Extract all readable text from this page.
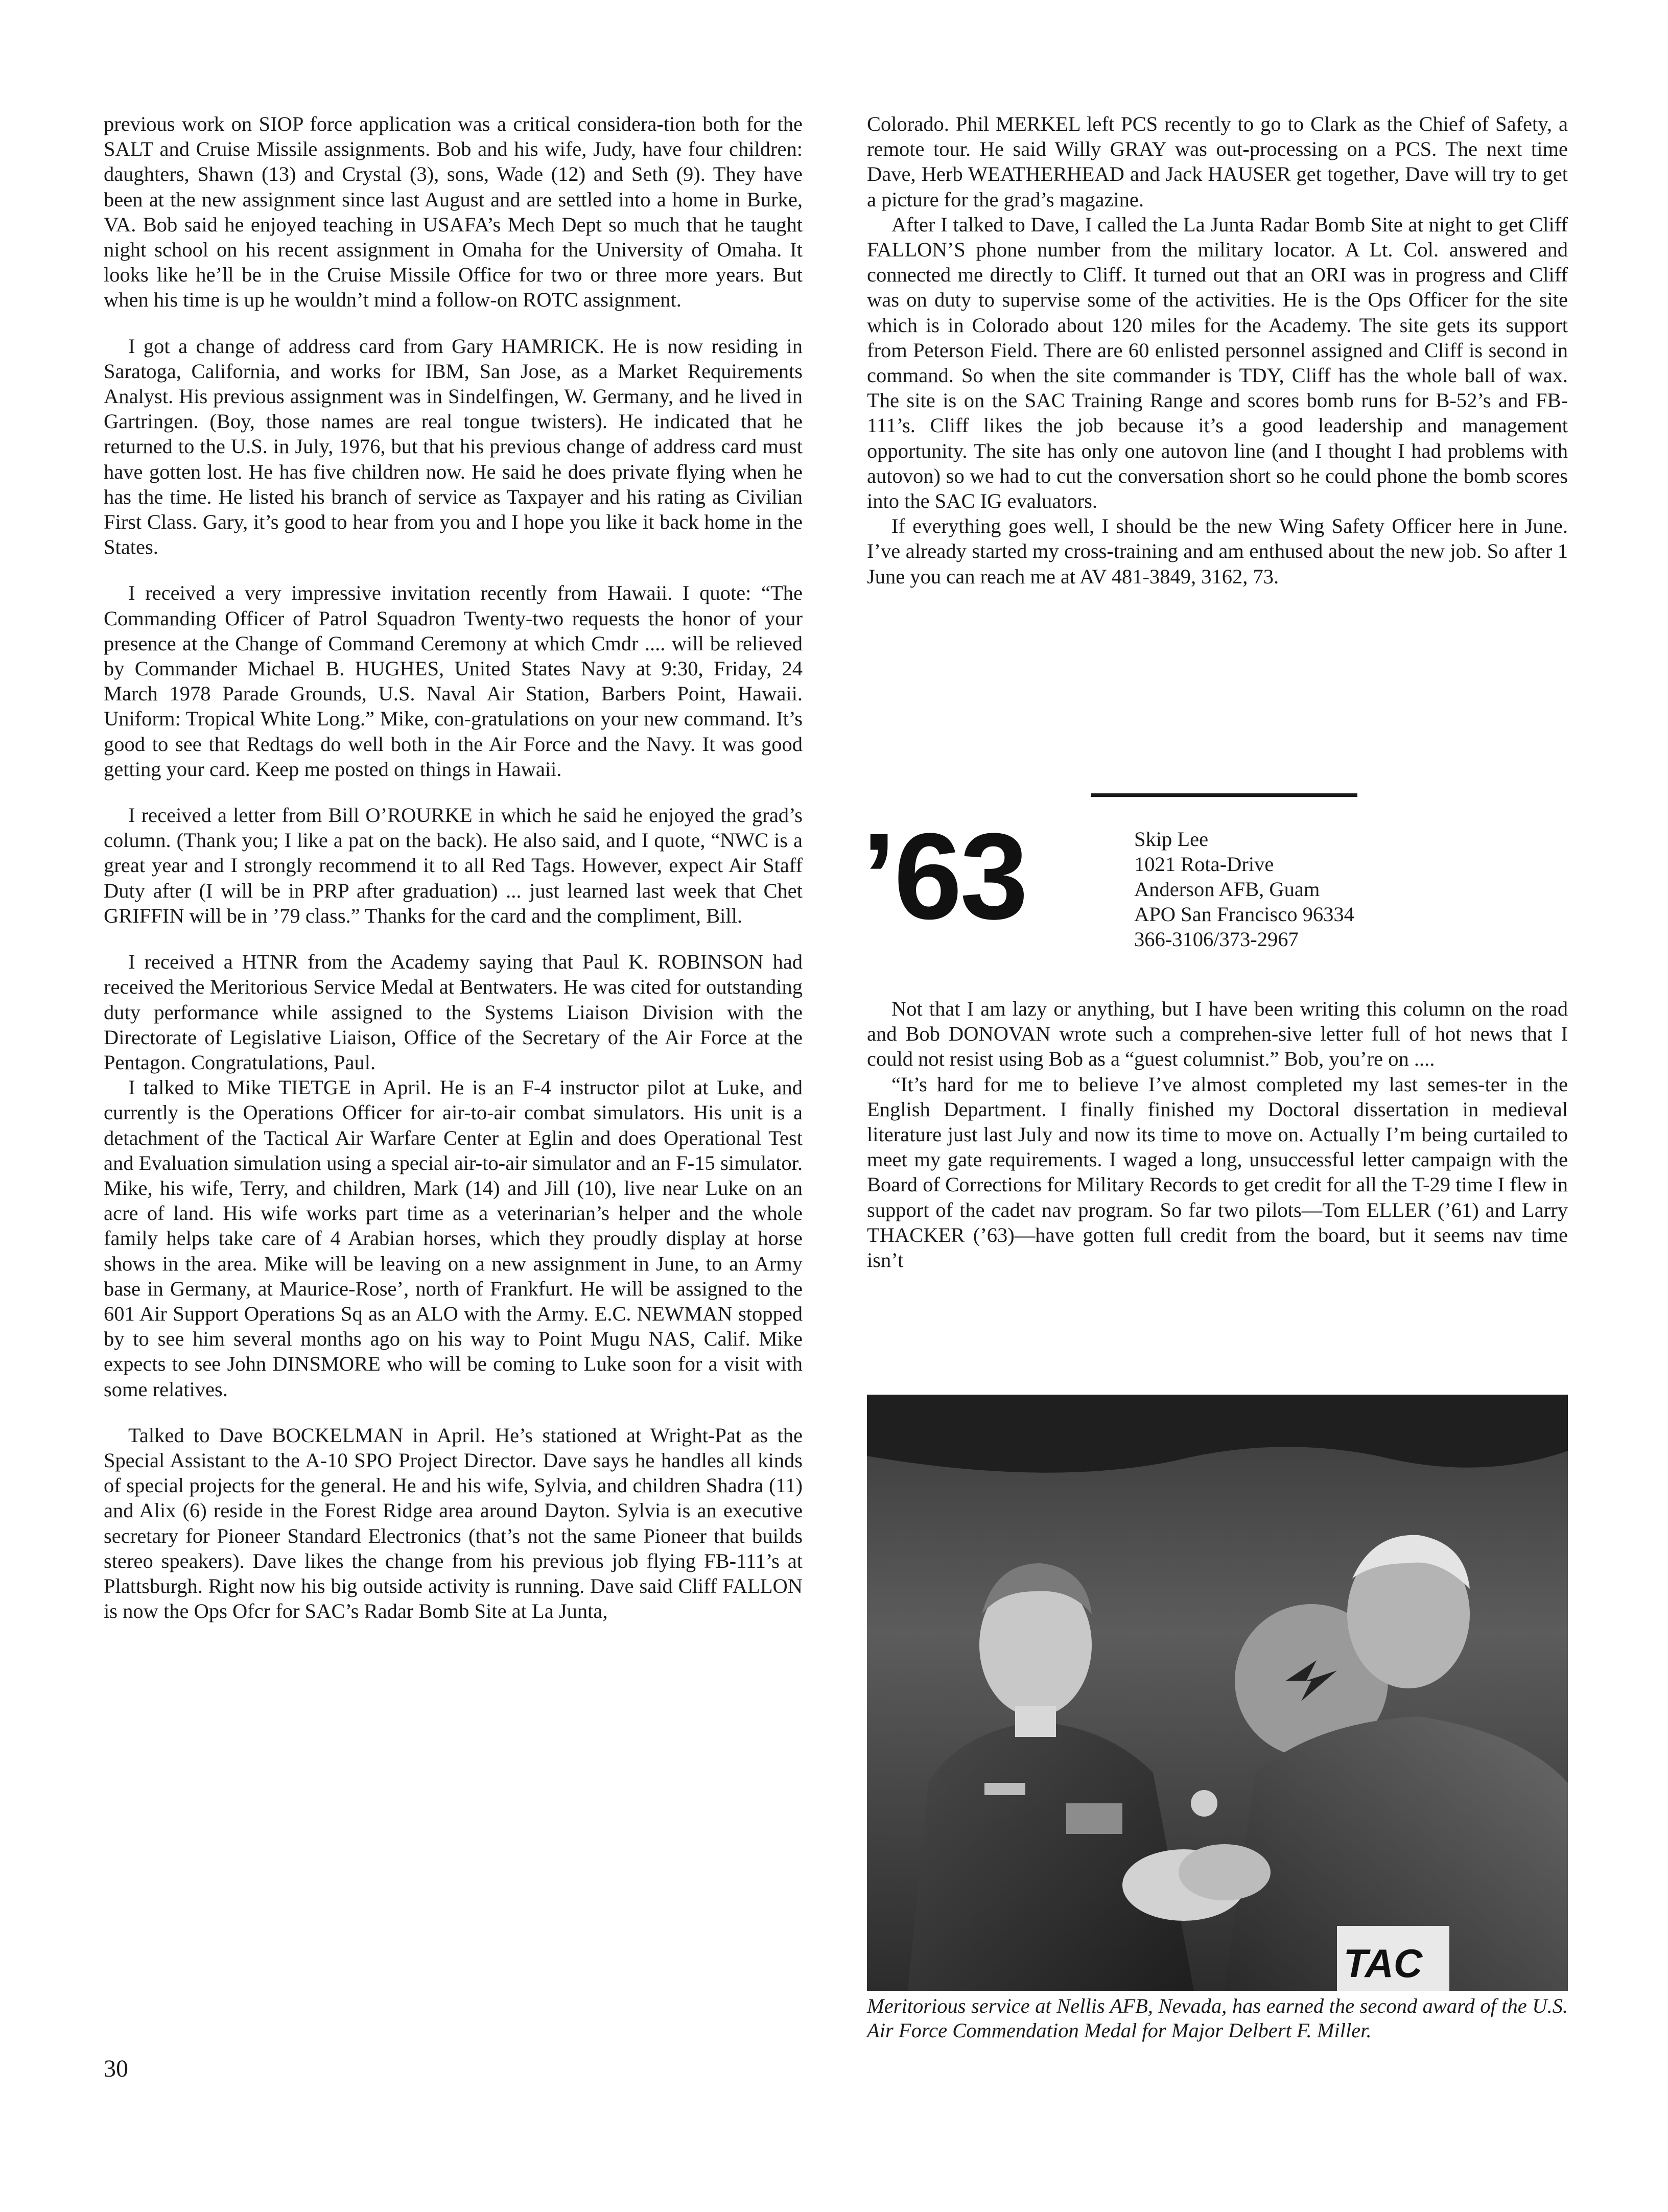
previous work on SIOP force application was a critical considera-tion both for the SALT and Cruise Missile assignments. Bob and his wife, Judy, have four children: daughters, Shawn (13) and Crystal (3), sons, Wade (12) and Seth (9). They have been at the new assignment since last August and are settled into a home in Burke, VA. Bob said he enjoyed teaching in USAFA’s Mech Dept so much that he taught night school on his recent assignment in Omaha for the University of Omaha. It looks like he’ll be in the Cruise Missile Office for two or three more years. But when his time is up he wouldn’t mind a follow-on ROTC assignment.

I got a change of address card from Gary HAMRICK. He is now residing in Saratoga, California, and works for IBM, San Jose, as a Market Requirements Analyst. His previous assignment was in Sindelfingen, W. Germany, and he lived in Gartringen. (Boy, those names are real tongue twisters). He indicated that he returned to the U.S. in July, 1976, but that his previous change of address card must have gotten lost. He has five children now. He said he does private flying when he has the time. He listed his branch of service as Taxpayer and his rating as Civilian First Class. Gary, it’s good to hear from you and I hope you like it back home in the States.

I received a very impressive invitation recently from Hawaii. I quote: “The Commanding Officer of Patrol Squadron Twenty-two requests the honor of your presence at the Change of Command Ceremony at which Cmdr .... will be relieved by Commander Michael B. HUGHES, United States Navy at 9:30, Friday, 24 March 1978 Parade Grounds, U.S. Naval Air Station, Barbers Point, Hawaii. Uniform: Tropical White Long.” Mike, con-gratulations on your new command. It’s good to see that Redtags do well both in the Air Force and the Navy. It was good getting your card. Keep me posted on things in Hawaii.

I received a letter from Bill O’ROURKE in which he said he enjoyed the grad’s column. (Thank you; I like a pat on the back). He also said, and I quote, “NWC is a great year and I strongly recommend it to all Red Tags. However, expect Air Staff Duty after (I will be in PRP after graduation) ... just learned last week that Chet GRIFFIN will be in ’79 class.” Thanks for the card and the compliment, Bill.

I received a HTNR from the Academy saying that Paul K. ROBINSON had received the Meritorious Service Medal at Bentwaters. He was cited for outstanding duty performance while assigned to the Systems Liaison Division with the Directorate of Legislative Liaison, Office of the Secretary of the Air Force at the Pentagon. Congratulations, Paul.

I talked to Mike TIETGE in April. He is an F-4 instructor pilot at Luke, and currently is the Operations Officer for air-to-air combat simulators. His unit is a detachment of the Tactical Air Warfare Center at Eglin and does Operational Test and Evaluation simulation using a special air-to-air simulator and an F-15 simulator. Mike, his wife, Terry, and children, Mark (14) and Jill (10), live near Luke on an acre of land. His wife works part time as a veterinarian’s helper and the whole family helps take care of 4 Arabian horses, which they proudly display at horse shows in the area. Mike will be leaving on a new assignment in June, to an Army base in Germany, at Maurice-Rose’, north of Frankfurt. He will be assigned to the 601 Air Support Operations Sq as an ALO with the Army. E.C. NEWMAN stopped by to see him several months ago on his way to Point Mugu NAS, Calif. Mike expects to see John DINSMORE who will be coming to Luke soon for a visit with some relatives.

Talked to Dave BOCKELMAN in April. He’s stationed at Wright-Pat as the Special Assistant to the A-10 SPO Project Director. Dave says he handles all kinds of special projects for the general. He and his wife, Sylvia, and children Shadra (11) and Alix (6) reside in the Forest Ridge area around Dayton. Sylvia is an executive secretary for Pioneer Standard Electronics (that’s not the same Pioneer that builds stereo speakers). Dave likes the change from his previous job flying FB-111’s at Plattsburgh. Right now his big outside activity is running. Dave said Cliff FALLON is now the Ops Ofcr for SAC’s Radar Bomb Site at La Junta,

30

Colorado. Phil MERKEL left PCS recently to go to Clark as the Chief of Safety, a remote tour. He said Willy GRAY was out-processing on a PCS. The next time Dave, Herb WEATHERHEAD and Jack HAUSER get together, Dave will try to get a picture for the grad’s magazine.

After I talked to Dave, I called the La Junta Radar Bomb Site at night to get Cliff FALLON’S phone number from the military locator. A Lt. Col. answered and connected me directly to Cliff. It turned out that an ORI was in progress and Cliff was on duty to supervise some of the activities. He is the Ops Officer for the site which is in Colorado about 120 miles for the Academy. The site gets its support from Peterson Field. There are 60 enlisted personnel assigned and Cliff is second in command. So when the site commander is TDY, Cliff has the whole ball of wax. The site is on the SAC Training Range and scores bomb runs for B-52’s and FB-111’s. Cliff likes the job because it’s a good leadership and management opportunity. The site has only one autovon line (and I thought I had problems with autovon) so we had to cut the conversation short so he could phone the bomb scores into the SAC IG evaluators.

If everything goes well, I should be the new Wing Safety Officer here in June. I’ve already started my cross-training and am enthused about the new job. So after 1 June you can reach me at AV 481-3849, 3162, 73.

’63	Skip Lee
1021 Rota-Drive
Anderson AFB, Guam
APO San Francisco 96334
366-3106/373-2967

Not that I am lazy or anything, but I have been writing this column on the road and Bob DONOVAN wrote such a comprehen-sive letter full of hot news that I could not resist using Bob as a “guest columnist.” Bob, you’re on ....

“It’s hard for me to believe I’ve almost completed my last semes-ter in the English Department. I finally finished my Doctoral dissertation in medieval literature just last July and now its time to move on. Actually I’m being curtailed to meet my gate requirements. I waged a long, unsuccessful letter campaign with the Board of Corrections for Military Records to get credit for all the T-29 time I flew in support of the cadet nav program. So far two pilots—Tom ELLER (’61) and Larry THACKER (’63)—have gotten full credit from the board, but it seems nav time isn’t

TAC
Meritorious service at Nellis AFB, Nevada, has earned the second award of the U.S. Air Force Commendation Medal for Major Delbert F. Miller.
